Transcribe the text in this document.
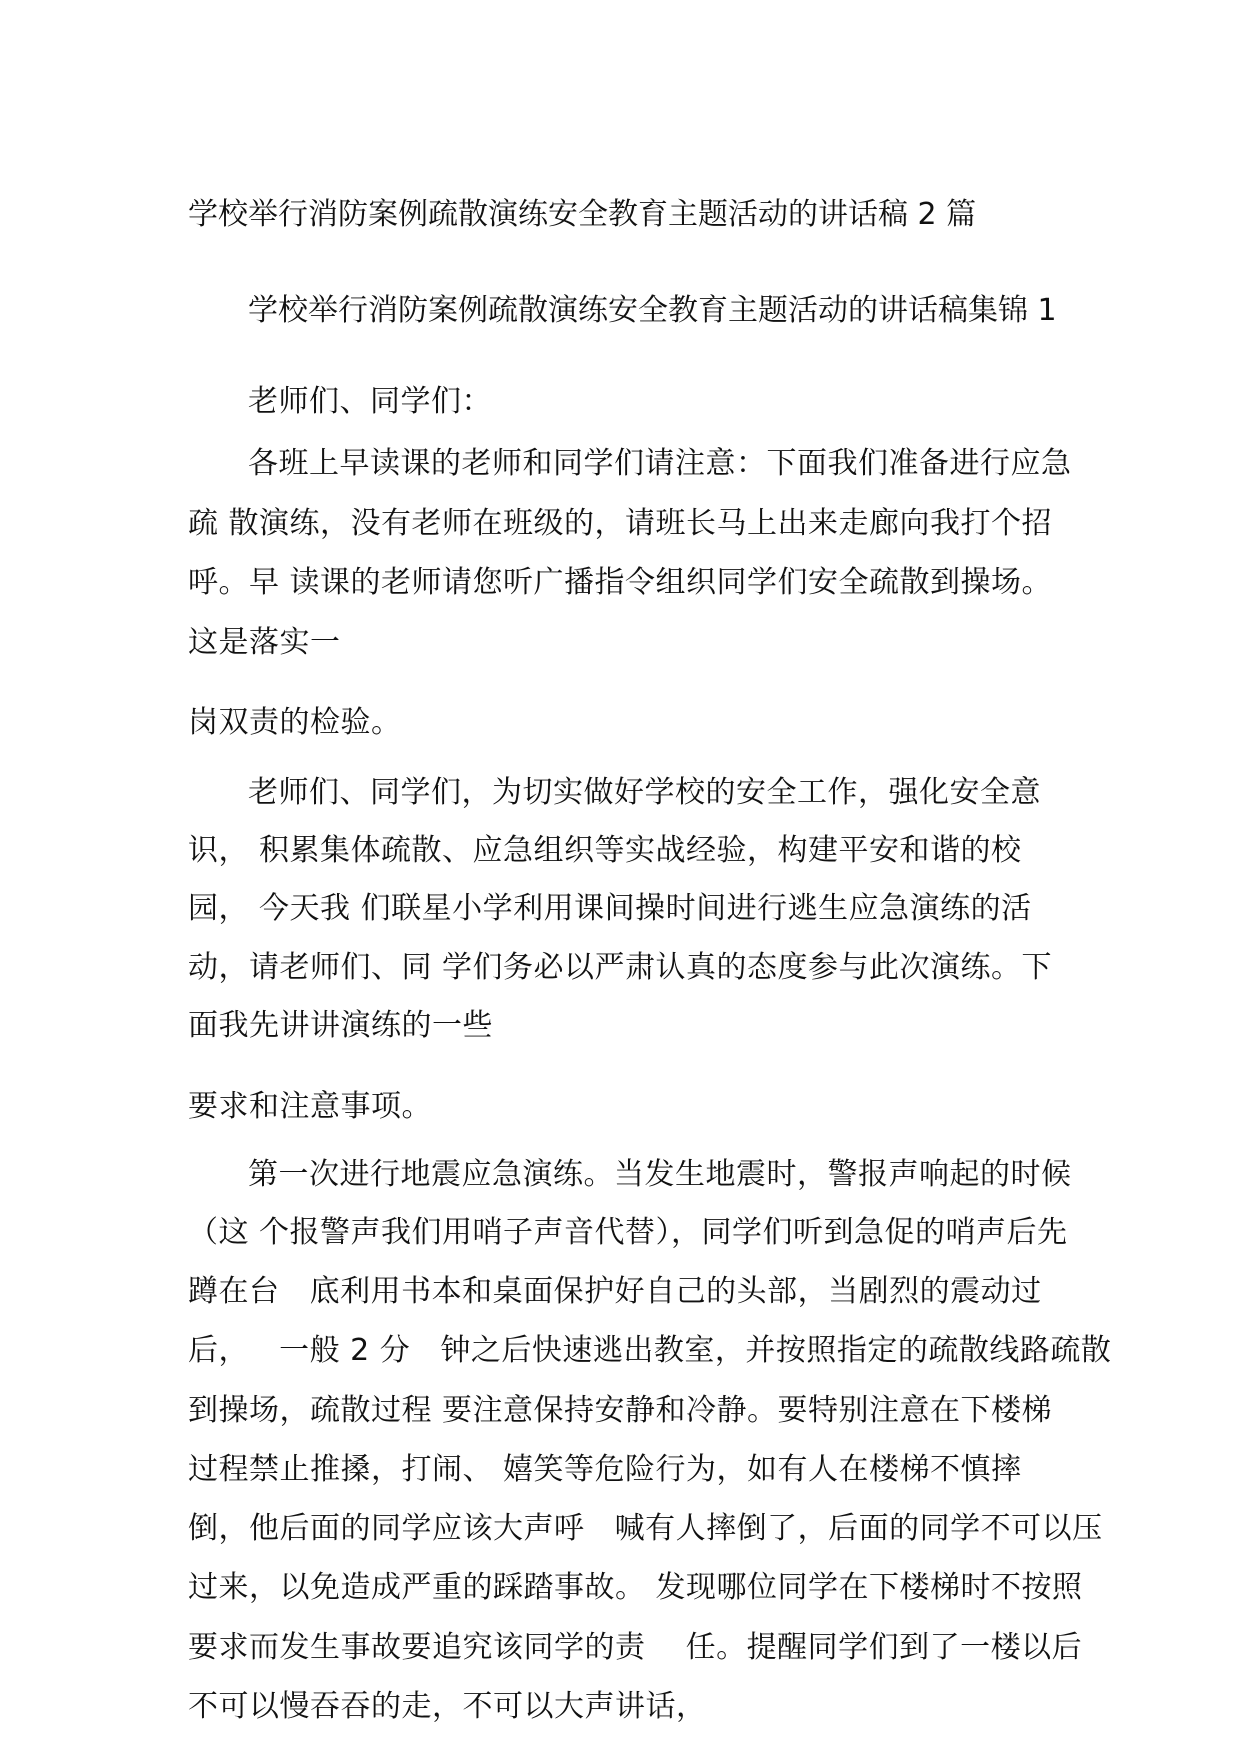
学校举行消防案例疏散演练安全教育主题活动的讲话稿 2 篇
学校举行消防案例疏散演练安全教育主题活动的讲话稿集锦 1
老师们、同学们：
各班上早读课的老师和同学们请注意：下面我们准备进行应急
疏 散演练，没有老师在班级的，请班长马上出来走廊向我打个招
呼。早 读课的老师请您听广播指令组织同学们安全疏散到操场。
这是落实一
岗双责的检验。
老师们、同学们，为切实做好学校的安全工作，强化安全意
识， 积累集体疏散、应急组织等实战经验，构建平安和谐的校
园， 今天我 们联星小学利用课间操时间进行逃生应急演练的活
动，请老师们、同 学们务必以严肃认真的态度参与此次演练。下
面我先讲讲演练的一些
要求和注意事项。
第一次进行地震应急演练。当发生地震时，警报声响起的时候
（这 个报警声我们用哨子声音代替），同学们听到急促的哨声后先
蹲在台   底利用书本和桌面保护好自己的头部，当剧烈的震动过
后，   一般 2 分   钟之后快速逃出教室，并按照指定的疏散线路疏散
到操场，疏散过程 要注意保持安静和冷静。要特别注意在下楼梯
过程禁止推搡，打闹、 嬉笑等危险行为，如有人在楼梯不慎摔
倒，他后面的同学应该大声呼   喊有人摔倒了，后面的同学不可以压
过来，以免造成严重的踩踏事故。 发现哪位同学在下楼梯时不按照
要求而发生事故要追究该同学的责    任。提醒同学们到了一楼以后
不可以慢吞吞的走，不可以大声讲话，
